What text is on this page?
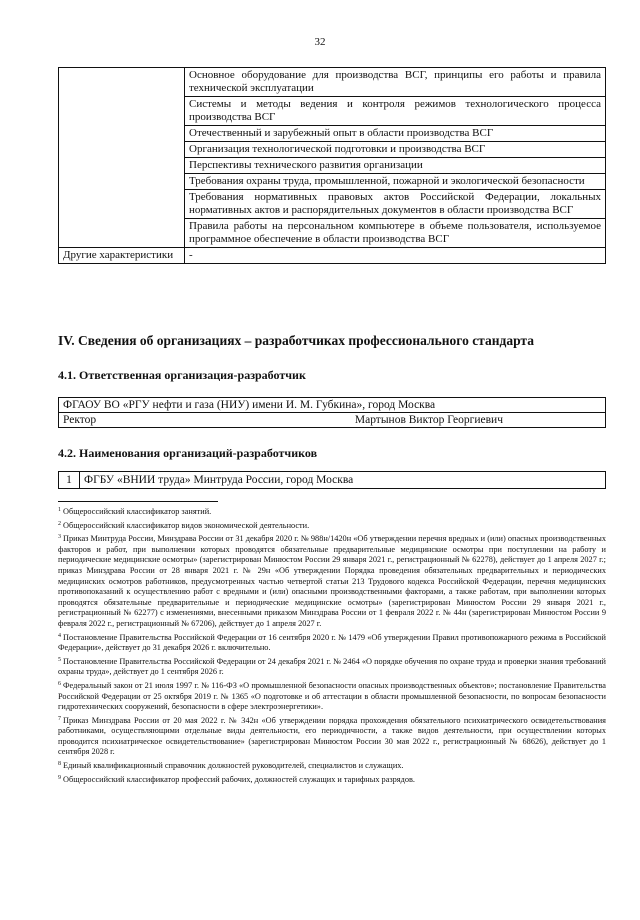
32
	Основное оборудование для производства ВСГ, принципы его работы и правила технической эксплуатации
	Системы и методы ведения и контроля режимов технологического процесса производства ВСГ
	Отечественный и зарубежный опыт в области производства ВСГ
	Организация технологической подготовки и производства ВСГ
	Перспективы технического развития организации
	Требования охраны труда, промышленной, пожарной и экологической безопасности
	Требования нормативных правовых актов Российской Федерации, локальных нормативных актов и распорядительных документов в области производства ВСГ
	Правила работы на персональном компьютере в объеме пользователя, используемое программное обеспечение в области производства ВСГ
Другие характеристики	-
IV. Сведения об организациях – разработчиках профессионального стандарта
4.1. Ответственная организация-разработчик
ФГАОУ ВО «РГУ нефти и газа (НИУ) имени И. М. Губкина», город Москва

Ректор	Мартынов Виктор Георгиевич
4.2. Наименования организаций-разработчиков
1	ФГБУ «ВНИИ труда» Минтруда России, город Москва

$^1$ Общероссийский классификатор занятий.

$^2$ Общероссийский классификатор видов экономической деятельности.

$^3$ Приказ Минтруда России, Минздрава России от 31 декабря 2020 г. № 988н/1420н «Об утверждении перечня вредных и (или) опасных производственных факторов и работ, при выполнении которых проводятся обязательные предварительные медицинские осмотры при поступлении на работу и периодические медицинские осмотры» (зарегистрирован Минюстом России 29 января 2021 г., регистрационный № 62278), действует до 1 апреля 2027 г.; приказ Минздрава России от 28 января 2021 г. № 29н «Об утверждении Порядка проведения обязательных предварительных и периодических медицинских осмотров работников, предусмотренных частью четвертой статьи 213 Трудового кодекса Российской Федерации, перечня медицинских противопоказаний к осуществлению работ с вредными и (или) опасными производственными факторами, а также работам, при выполнении которых проводятся обязательные предварительные и периодические медицинские осмотры» (зарегистрирован Минюстом России 29 января 2021 г., регистрационный № 62277) с изменениями, внесенными приказом Минздрава России от 1 февраля 2022 г. № 44н (зарегистрирован Минюстом России 9 февраля 2022 г., регистрационный № 67206), действует до 1 апреля 2027 г.

$^4$ Постановление Правительства Российской Федерации от 16 сентября 2020 г. № 1479 «Об утверждении Правил противопожарного режима в Российской Федерации», действует до 31 декабря 2026 г. включительно.

$^5$ Постановление Правительства Российской Федерации от 24 декабря 2021 г. № 2464 «О порядке обучения по охране труда и проверки знания требований охраны труда», действует до 1 сентября 2026 г.

$^6$ Федеральный закон от 21 июля 1997 г. № 116-ФЗ «О промышленной безопасности опасных производственных объектов»; постановление Правительства Российской Федерации от 25 октября 2019 г. № 1365 «О подготовке и об аттестации в области промышленной безопасности, по вопросам безопасности гидротехнических сооружений, безопасности в сфере электроэнергетики».

$^7$ Приказ Минздрава России от 20 мая 2022 г. № 342н «Об утверждении порядка прохождения обязательного психиатрического освидетельствования работниками, осуществляющими отдельные виды деятельности, его периодичности, а также видов деятельности, при осуществлении которых проводится психиатрическое освидетельствование» (зарегистрирован Минюстом России 30 мая 2022 г., регистрационный № 68626), действует до 1 сентября 2028 г.

$^8$ Единый квалификационный справочник должностей руководителей, специалистов и служащих.

$^9$ Общероссийский классификатор профессий рабочих, должностей служащих и тарифных разрядов.
